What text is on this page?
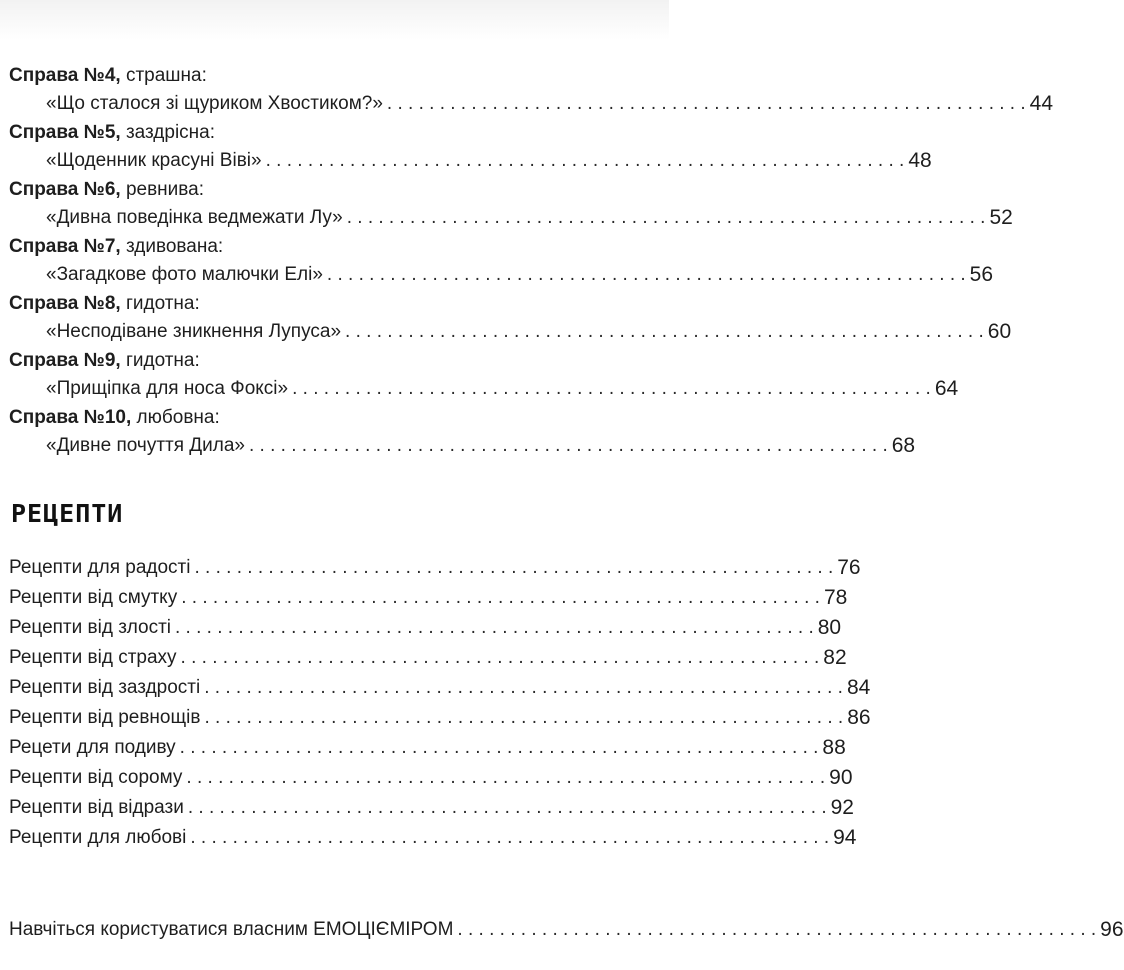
Справа №4, страшна:
«Що сталося зі щуриком Хвостиком?» . . . . . . . . . . . . . . . . . . . . . . . . . . . . . . . . . . . . . . . . . . . . . . . . . . . . . . . . . . . . . 44
Справа №5, заздрісна:
«Щоденник красуні Віві» . . . . . . . . . . . . . . . . . . . . . . . . . . . . . . . . . . . . . . . . . . . . . . . . . . . . . . . . . . . . . 48
Справа №6, ревнива:
«Дивна поведінка ведмежати Лу» . . . . . . . . . . . . . . . . . . . . . . . . . . . . . . . . . . . . . . . . . . . . . . . . . . . . . . . . . . . . . 52
Справа №7, здивована:
«Загадкове фото малючки Елі» . . . . . . . . . . . . . . . . . . . . . . . . . . . . . . . . . . . . . . . . . . . . . . . . . . . . . . . . . . . . . 56
Справа №8, гидотна:
«Несподіване зникнення Лупуса» . . . . . . . . . . . . . . . . . . . . . . . . . . . . . . . . . . . . . . . . . . . . . . . . . . . . . . . . . . . . . 60
Справа №9, гидотна:
«Прищіпка для носа Фоксі» . . . . . . . . . . . . . . . . . . . . . . . . . . . . . . . . . . . . . . . . . . . . . . . . . . . . . . . . . . . . . 64
Справа №10, любовна:
«Дивне почуття Дила» . . . . . . . . . . . . . . . . . . . . . . . . . . . . . . . . . . . . . . . . . . . . . . . . . . . . . . . . . . . . . 68
РЕЦЕПТИ
Рецепти для радості . . . . . . . . . . . . . . . . . . . . . . . . . . . . . . . . . . . . . . . . . . . . . . . . . . . . . . . . . . . . . 76
Рецепти від смутку . . . . . . . . . . . . . . . . . . . . . . . . . . . . . . . . . . . . . . . . . . . . . . . . . . . . . . . . . . . . . 78
Рецепти від злості . . . . . . . . . . . . . . . . . . . . . . . . . . . . . . . . . . . . . . . . . . . . . . . . . . . . . . . . . . . . . 80
Рецепти від страху . . . . . . . . . . . . . . . . . . . . . . . . . . . . . . . . . . . . . . . . . . . . . . . . . . . . . . . . . . . . . 82
Рецепти від заздрості . . . . . . . . . . . . . . . . . . . . . . . . . . . . . . . . . . . . . . . . . . . . . . . . . . . . . . . . . . . . . 84
Рецепти від ревнощів . . . . . . . . . . . . . . . . . . . . . . . . . . . . . . . . . . . . . . . . . . . . . . . . . . . . . . . . . . . . . 86
Рецети для подиву . . . . . . . . . . . . . . . . . . . . . . . . . . . . . . . . . . . . . . . . . . . . . . . . . . . . . . . . . . . . . 88
Рецепти від сорому . . . . . . . . . . . . . . . . . . . . . . . . . . . . . . . . . . . . . . . . . . . . . . . . . . . . . . . . . . . . . 90
Рецепти від відрази . . . . . . . . . . . . . . . . . . . . . . . . . . . . . . . . . . . . . . . . . . . . . . . . . . . . . . . . . . . . . 92
Рецепти для любові . . . . . . . . . . . . . . . . . . . . . . . . . . . . . . . . . . . . . . . . . . . . . . . . . . . . . . . . . . . . . 94
Навчіться користуватися власним ЕМОЦІЄМІРОМ . . . . . . . . . . . . . . . . . . . . . . . . . . . . . . . . . . . . . . . . . . . . . . . . . . . . . . . . . . . . . 96
